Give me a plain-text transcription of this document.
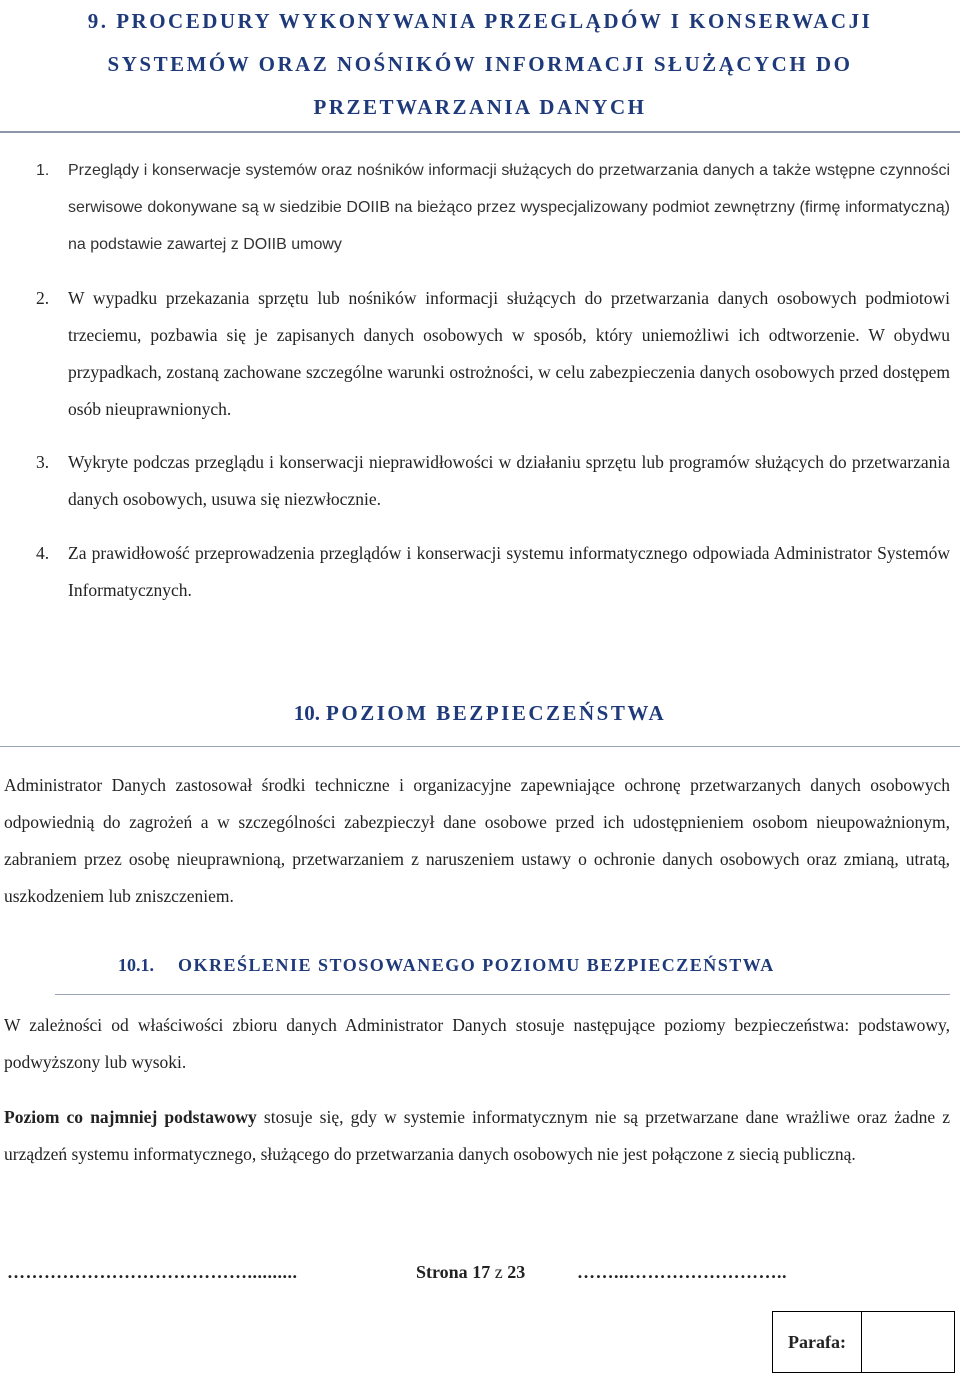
9. PROCEDURY WYKONYWANIA PRZEGLĄDÓW I KONSERWACJI
SYSTEMÓW ORAZ NOŚNIKÓW INFORMACJI SŁUŻĄCYCH DO
PRZETWARZANIA DANYCH
1. Przeglądy i konserwacje systemów oraz nośników informacji służących do przetwarzania danych a także wstępne czynności serwisowe dokonywane są w siedzibie DOIIB na bieżąco przez wyspecjalizowany podmiot zewnętrzny (firmę informatyczną) na podstawie zawartej z DOIIB umowy
2. W wypadku przekazania sprzętu lub nośników informacji służących do przetwarzania danych osobowych podmiotowi trzeciemu, pozbawia się je zapisanych danych osobowych w sposób, który uniemożliwi ich odtworzenie. W obydwu przypadkach, zostaną zachowane szczególne warunki ostrożności, w celu zabezpieczenia danych osobowych przed dostępem osób nieuprawnionych.
3. Wykryte podczas przeglądu i konserwacji nieprawidłowości w działaniu sprzętu lub programów służących do przetwarzania danych osobowych, usuwa się niezwłocznie.
4. Za prawidłowość przeprowadzenia przeglądów i konserwacji systemu informatycznego odpowiada Administrator Systemów Informatycznych.
10. POZIOM BEZPIECZEŃSTWA
Administrator Danych zastosował środki techniczne i organizacyjne zapewniające ochronę przetwarzanych danych osobowych odpowiednią do zagrożeń a w szczególności zabezpieczył dane osobowe przed ich udostępnieniem osobom nieupoważnionym, zabraniem przez osobę nieuprawnioną, przetwarzaniem z naruszeniem ustawy o ochronie danych osobowych oraz zmianą, utratą, uszkodzeniem lub zniszczeniem.
10.1. OKREŚLENIE STOSOWANEGO POZIOMU BEZPIECZEŃSTWA
W zależności od właściwości zbioru danych Administrator Danych stosuje następujące poziomy bezpieczeństwa: podstawowy, podwyższony lub wysoki.
Poziom co najmniej podstawowy stosuje się, gdy w systemie informatycznym nie są przetwarzane dane wrażliwe oraz żadne z urządzeń systemu informatycznego, służącego do przetwarzania danych osobowych nie jest połączone z siecią publiczną.
…………………………………..........	Strona 17 z 23	……...……………………..
Parafa:
